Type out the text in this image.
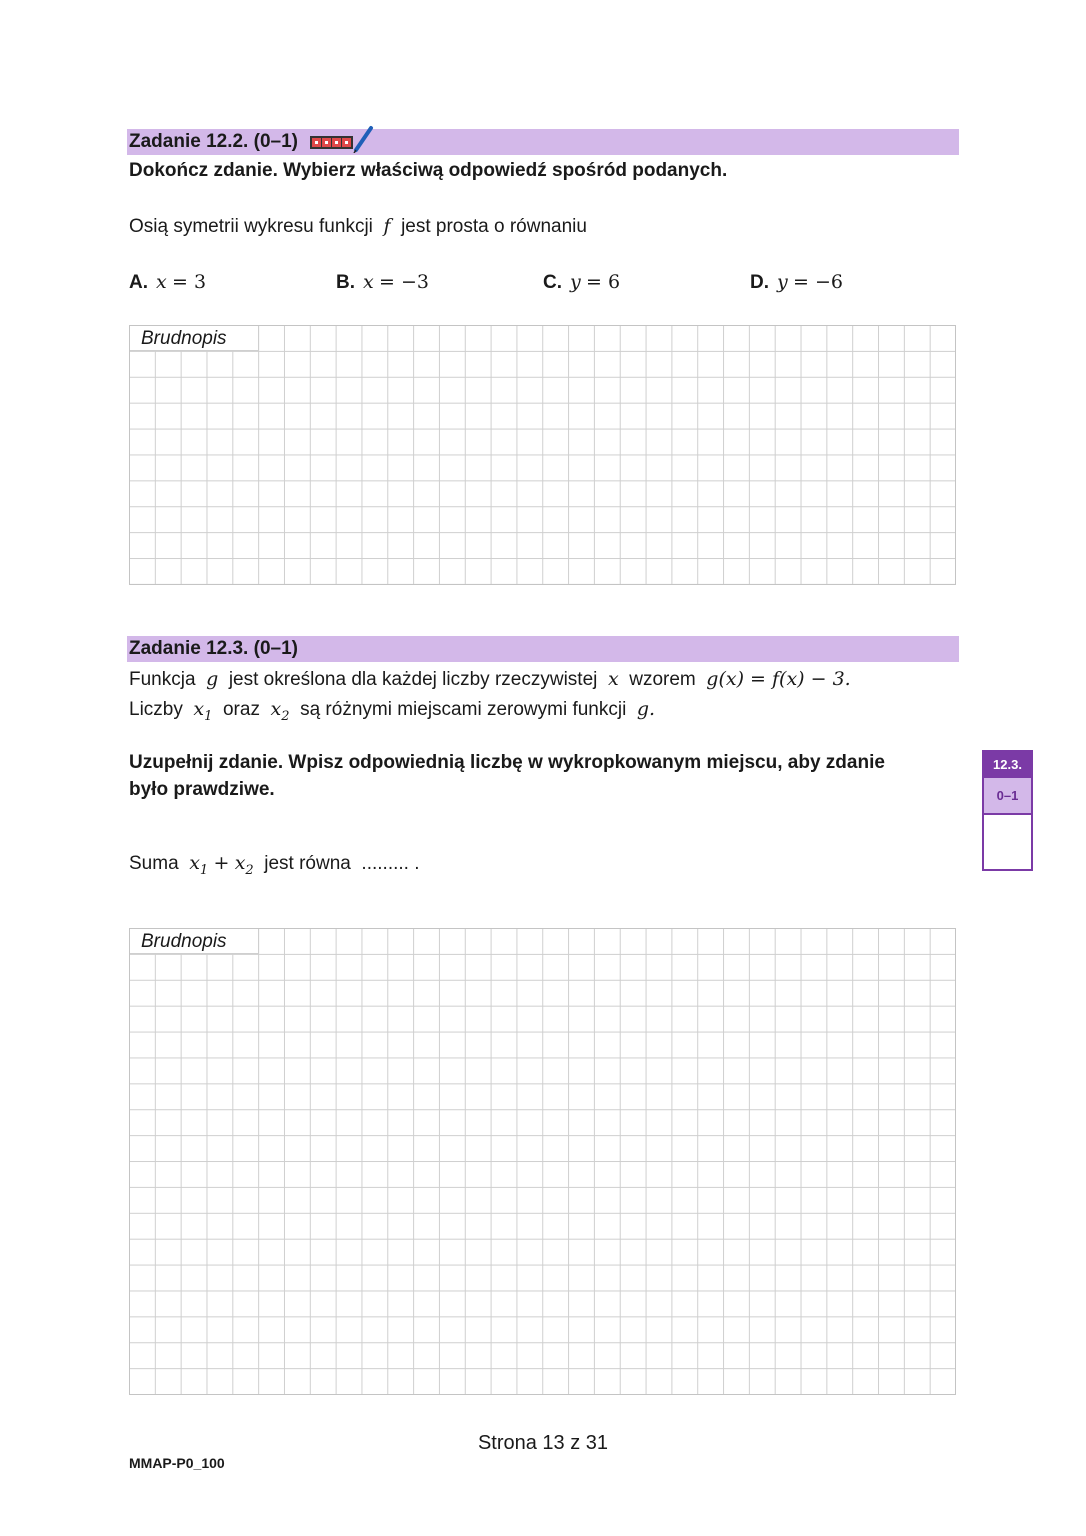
Zadanie 12.2. (0–1)
Dokończ zdanie. Wybierz właściwą odpowiedź spośród podanych.
Osią symetrii wykresu funkcji f jest prosta o równaniu
A. x = 3	B. x = −3	C. y = 6	D. y = −6
Brudnopis
Zadanie 12.3. (0–1)
Funkcja g jest określona dla każdej liczby rzeczywistej x wzorem g(x) = f(x) − 3.
Liczby $x_1$ oraz $x_2$ są różnymi miejscami zerowymi funkcji g.
Uzupełnij zdanie. Wpisz odpowiednią liczbę w wykropkowanym miejscu, aby zdanie
było prawdziwe.
Suma $x_1 + x_2$ jest równa ......... .
12.3.
0–1
Brudnopis
Strona 13 z 31
MMAP-P0_100
